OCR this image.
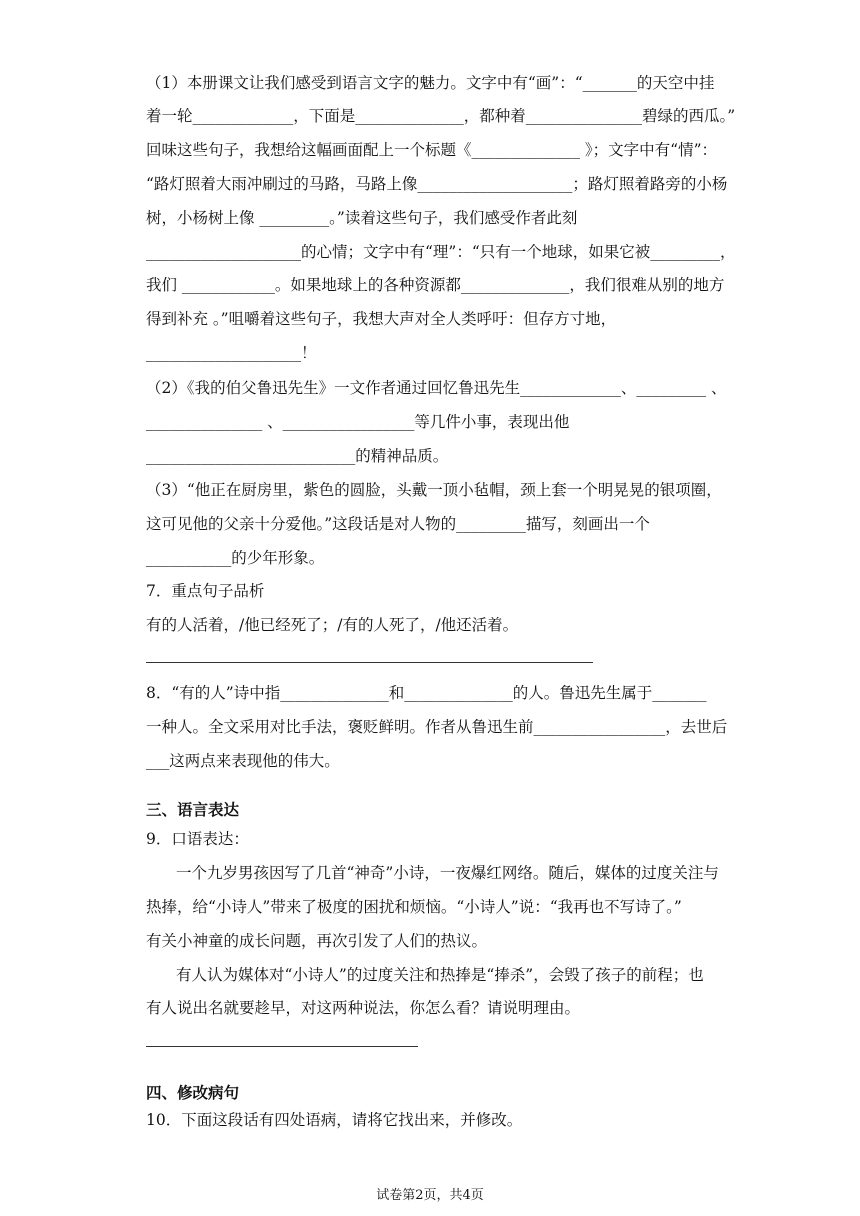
（1）本册课文让我们感受到语言文字的魅力。文字中有“画”：“_______的天空中挂
着一轮_____________，下面是______________，都种着_______________碧绿的西瓜。”
回味这些句子，我想给这幅画面配上一个标题《______________ 》；文字中有“情”：
“路灯照着大雨冲刷过的马路，马路上像____________________；路灯照着路旁的小杨
树，小杨树上像 _________。”读着这些句子，我们感受作者此刻
____________________的心情；文字中有“理”：“只有一个地球，如果它被_________，
我们 ____________。如果地球上的各种资源都______________，我们很难从别的地方
得到补充 。”咀嚼着这些句子，我想大声对全人类呼吁：但存方寸地，
____________________！
（2）《我的伯父鲁迅先生》一文作者通过回忆鲁迅先生_____________、_________ 、
_______________ 、_________________等几件小事，表现出他
___________________________的精神品质。
（3）“他正在厨房里，紫色的圆脸，头戴一顶小毡帽，颈上套一个明晃晃的银项圈，
这可见他的父亲十分爱他。”这段话是对人物的_________描写，刻画出一个
___________的少年形象。
7．重点句子品析
有的人活着，/他已经死了；/有的人死了，/他还活着。
8．“有的人”诗中指______________和______________的人。鲁迅先生属于_______
一种人。全文采用对比手法，褒贬鲜明。作者从鲁迅生前_________________，去世后
___这两点来表现他的伟大。
三、语言表达
9．口语表达：
一个九岁男孩因写了几首“神奇”小诗，一夜爆红网络。随后，媒体的过度关注与
热捧，给“小诗人”带来了极度的困扰和烦恼。“小诗人”说：“我再也不写诗了。”
有关小神童的成长问题，再次引发了人们的热议。
有人认为媒体对“小诗人”的过度关注和热捧是“捧杀”，会毁了孩子的前程；也
有人说出名就要趁早，对这两种说法，你怎么看？请说明理由。
四、修改病句
10．下面这段话有四处语病，请将它找出来，并修改。
试卷第2页，共4页
